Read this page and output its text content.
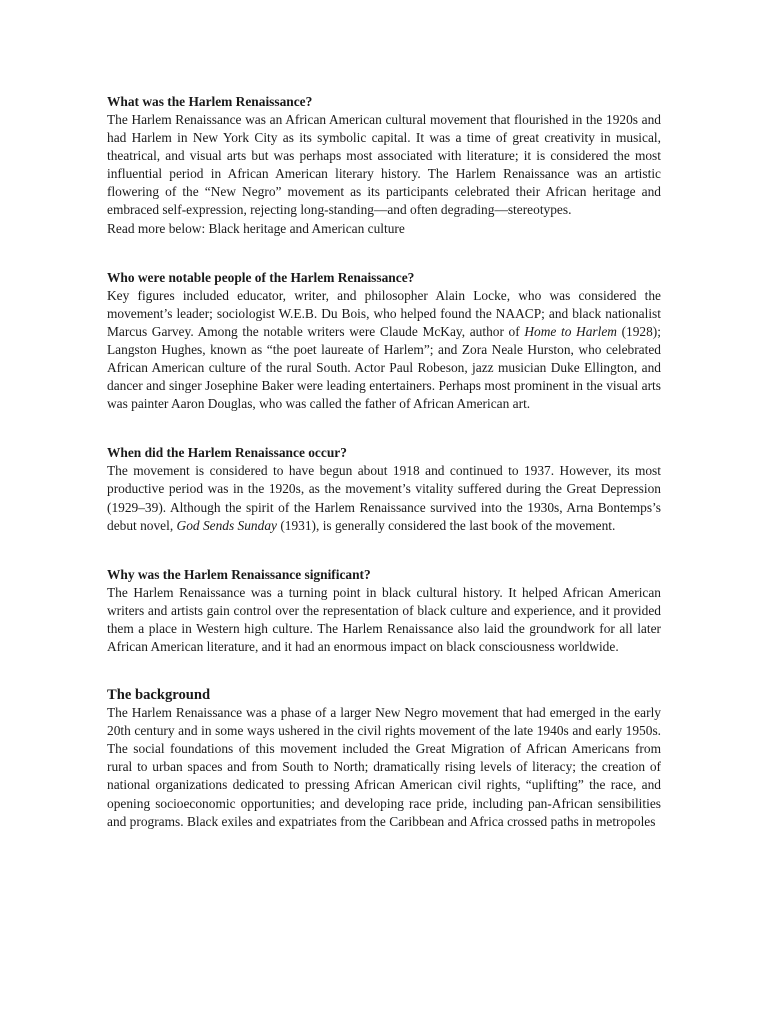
What was the Harlem Renaissance?

The Harlem Renaissance was an African American cultural movement that flourished in the 1920s and had Harlem in New York City as its symbolic capital. It was a time of great creativity in musical, theatrical, and visual arts but was perhaps most associated with literature; it is considered the most influential period in African American literary history. The Harlem Renaissance was an artistic flowering of the “New Negro” movement as its participants celebrated their African heritage and embraced self-expression, rejecting long-standing—and often degrading—stereotypes.

Read more below: Black heritage and American culture

Who were notable people of the Harlem Renaissance?

Key figures included educator, writer, and philosopher Alain Locke, who was considered the movement’s leader; sociologist W.E.B. Du Bois, who helped found the NAACP; and black nationalist Marcus Garvey. Among the notable writers were Claude McKay, author of Home to Harlem (1928); Langston Hughes, known as “the poet laureate of Harlem”; and Zora Neale Hurston, who celebrated African American culture of the rural South. Actor Paul Robeson, jazz musician Duke Ellington, and dancer and singer Josephine Baker were leading entertainers. Perhaps most prominent in the visual arts was painter Aaron Douglas, who was called the father of African American art.

When did the Harlem Renaissance occur?

The movement is considered to have begun about 1918 and continued to 1937. However, its most productive period was in the 1920s, as the movement’s vitality suffered during the Great Depression (1929–39). Although the spirit of the Harlem Renaissance survived into the 1930s, Arna Bontemps’s debut novel, God Sends Sunday (1931), is generally considered the last book of the movement.

Why was the Harlem Renaissance significant?

The Harlem Renaissance was a turning point in black cultural history. It helped African American writers and artists gain control over the representation of black culture and experience, and it provided them a place in Western high culture. The Harlem Renaissance also laid the groundwork for all later African American literature, and it had an enormous impact on black consciousness worldwide.

The background

The Harlem Renaissance was a phase of a larger New Negro movement that had emerged in the early 20th century and in some ways ushered in the civil rights movement of the late 1940s and early 1950s. The social foundations of this movement included the Great Migration of African Americans from rural to urban spaces and from South to North; dramatically rising levels of literacy; the creation of national organizations dedicated to pressing African American civil rights, “uplifting” the race, and opening socioeconomic opportunities; and developing race pride, including pan-African sensibilities and programs. Black exiles and expatriates from the Caribbean and Africa crossed paths in metropoles
